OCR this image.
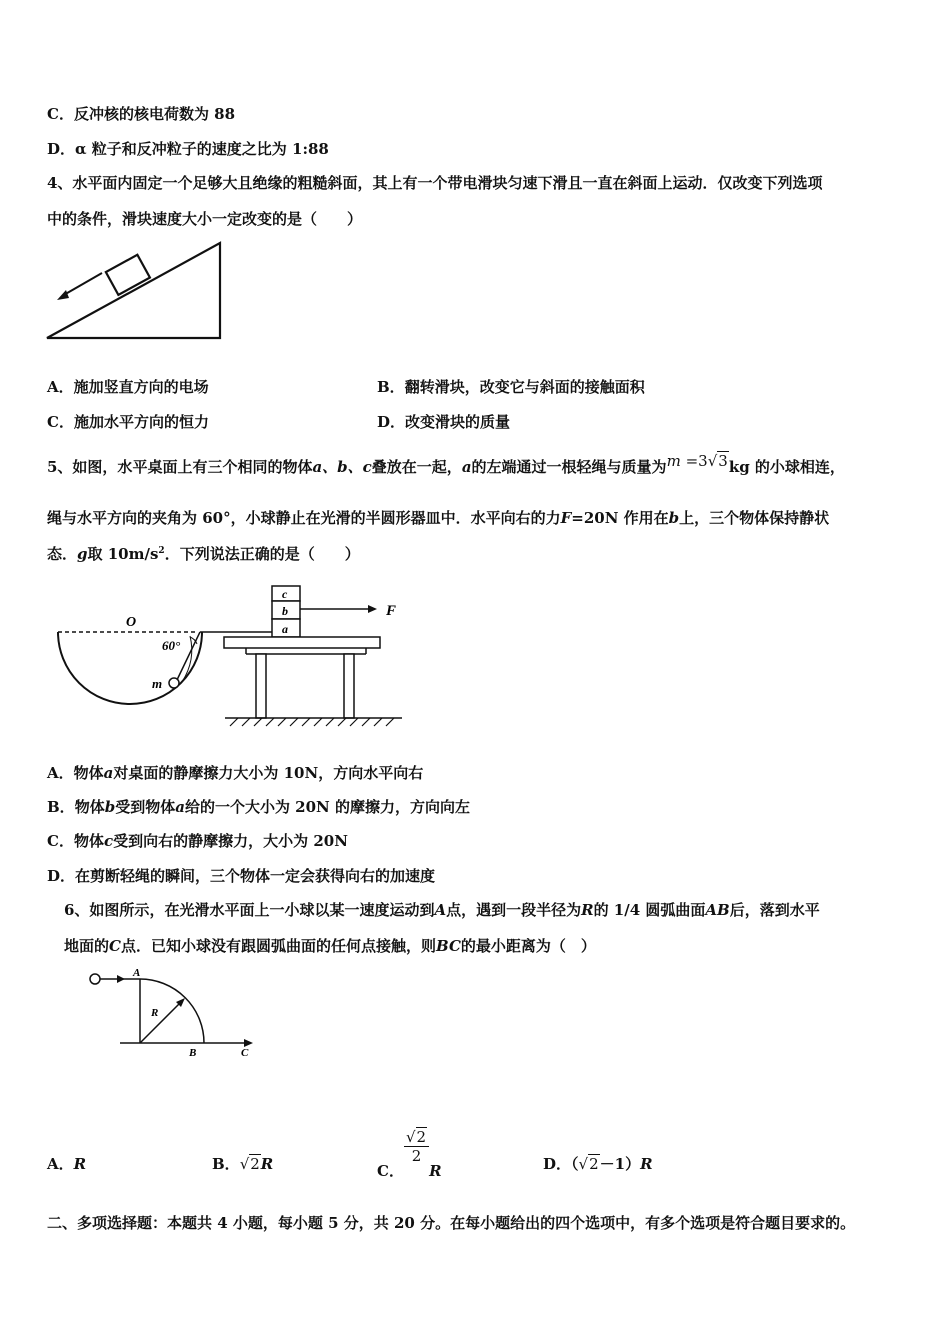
C．反冲核的核电荷数为 88
D．α 粒子和反冲粒子的速度之比为 1:88
4、水平面内固定一个足够大且绝缘的粗糙斜面，其上有一个带电滑块匀速下滑且一直在斜面上运动．仅改变下列选项
中的条件，滑块速度大小一定改变的是（　　）
A．施加竖直方向的电场	B．翻转滑块，改变它与斜面的接触面积
C．施加水平方向的恒力	D．改变滑块的质量
5、如图，水平桌面上有三个相同的物体a、b、c叠放在一起，a的左端通过一根轻绳与质量为m =3√3kg 的小球相连，
绳与水平方向的夹角为 60°，小球静止在光滑的半圆形器皿中．水平向右的力F=20N 作用在b上，三个物体保持静状
态．g取 $10m/s^2$．下列说法正确的是（　　）
O
60°
m
c
b
a
F
A．物体a对桌面的静摩擦力大小为 10N，方向水平向右
B．物体b受到物体a给的一个大小为 20N 的摩擦力，方向向左
C．物体c受到向右的静摩擦力，大小为 20N
D．在剪断轻绳的瞬间，三个物体一定会获得向右的加速度
6、如图所示，在光滑水平面上一小球以某一速度运动到A点，遇到一段半径为R的 1/4 圆弧曲面AB后，落到水平
地面的C点．已知小球没有跟圆弧曲面的任何点接触，则BC的最小距离为（　）
A
R
B	C
A．R	B．√2R	C．
$\frac{√2}{2}$
R	D．（√2－1）R
二、多项选择题：本题共 4 小题，每小题 5 分，共 20 分。在每小题给出的四个选项中，有多个选项是符合题目要求的。
